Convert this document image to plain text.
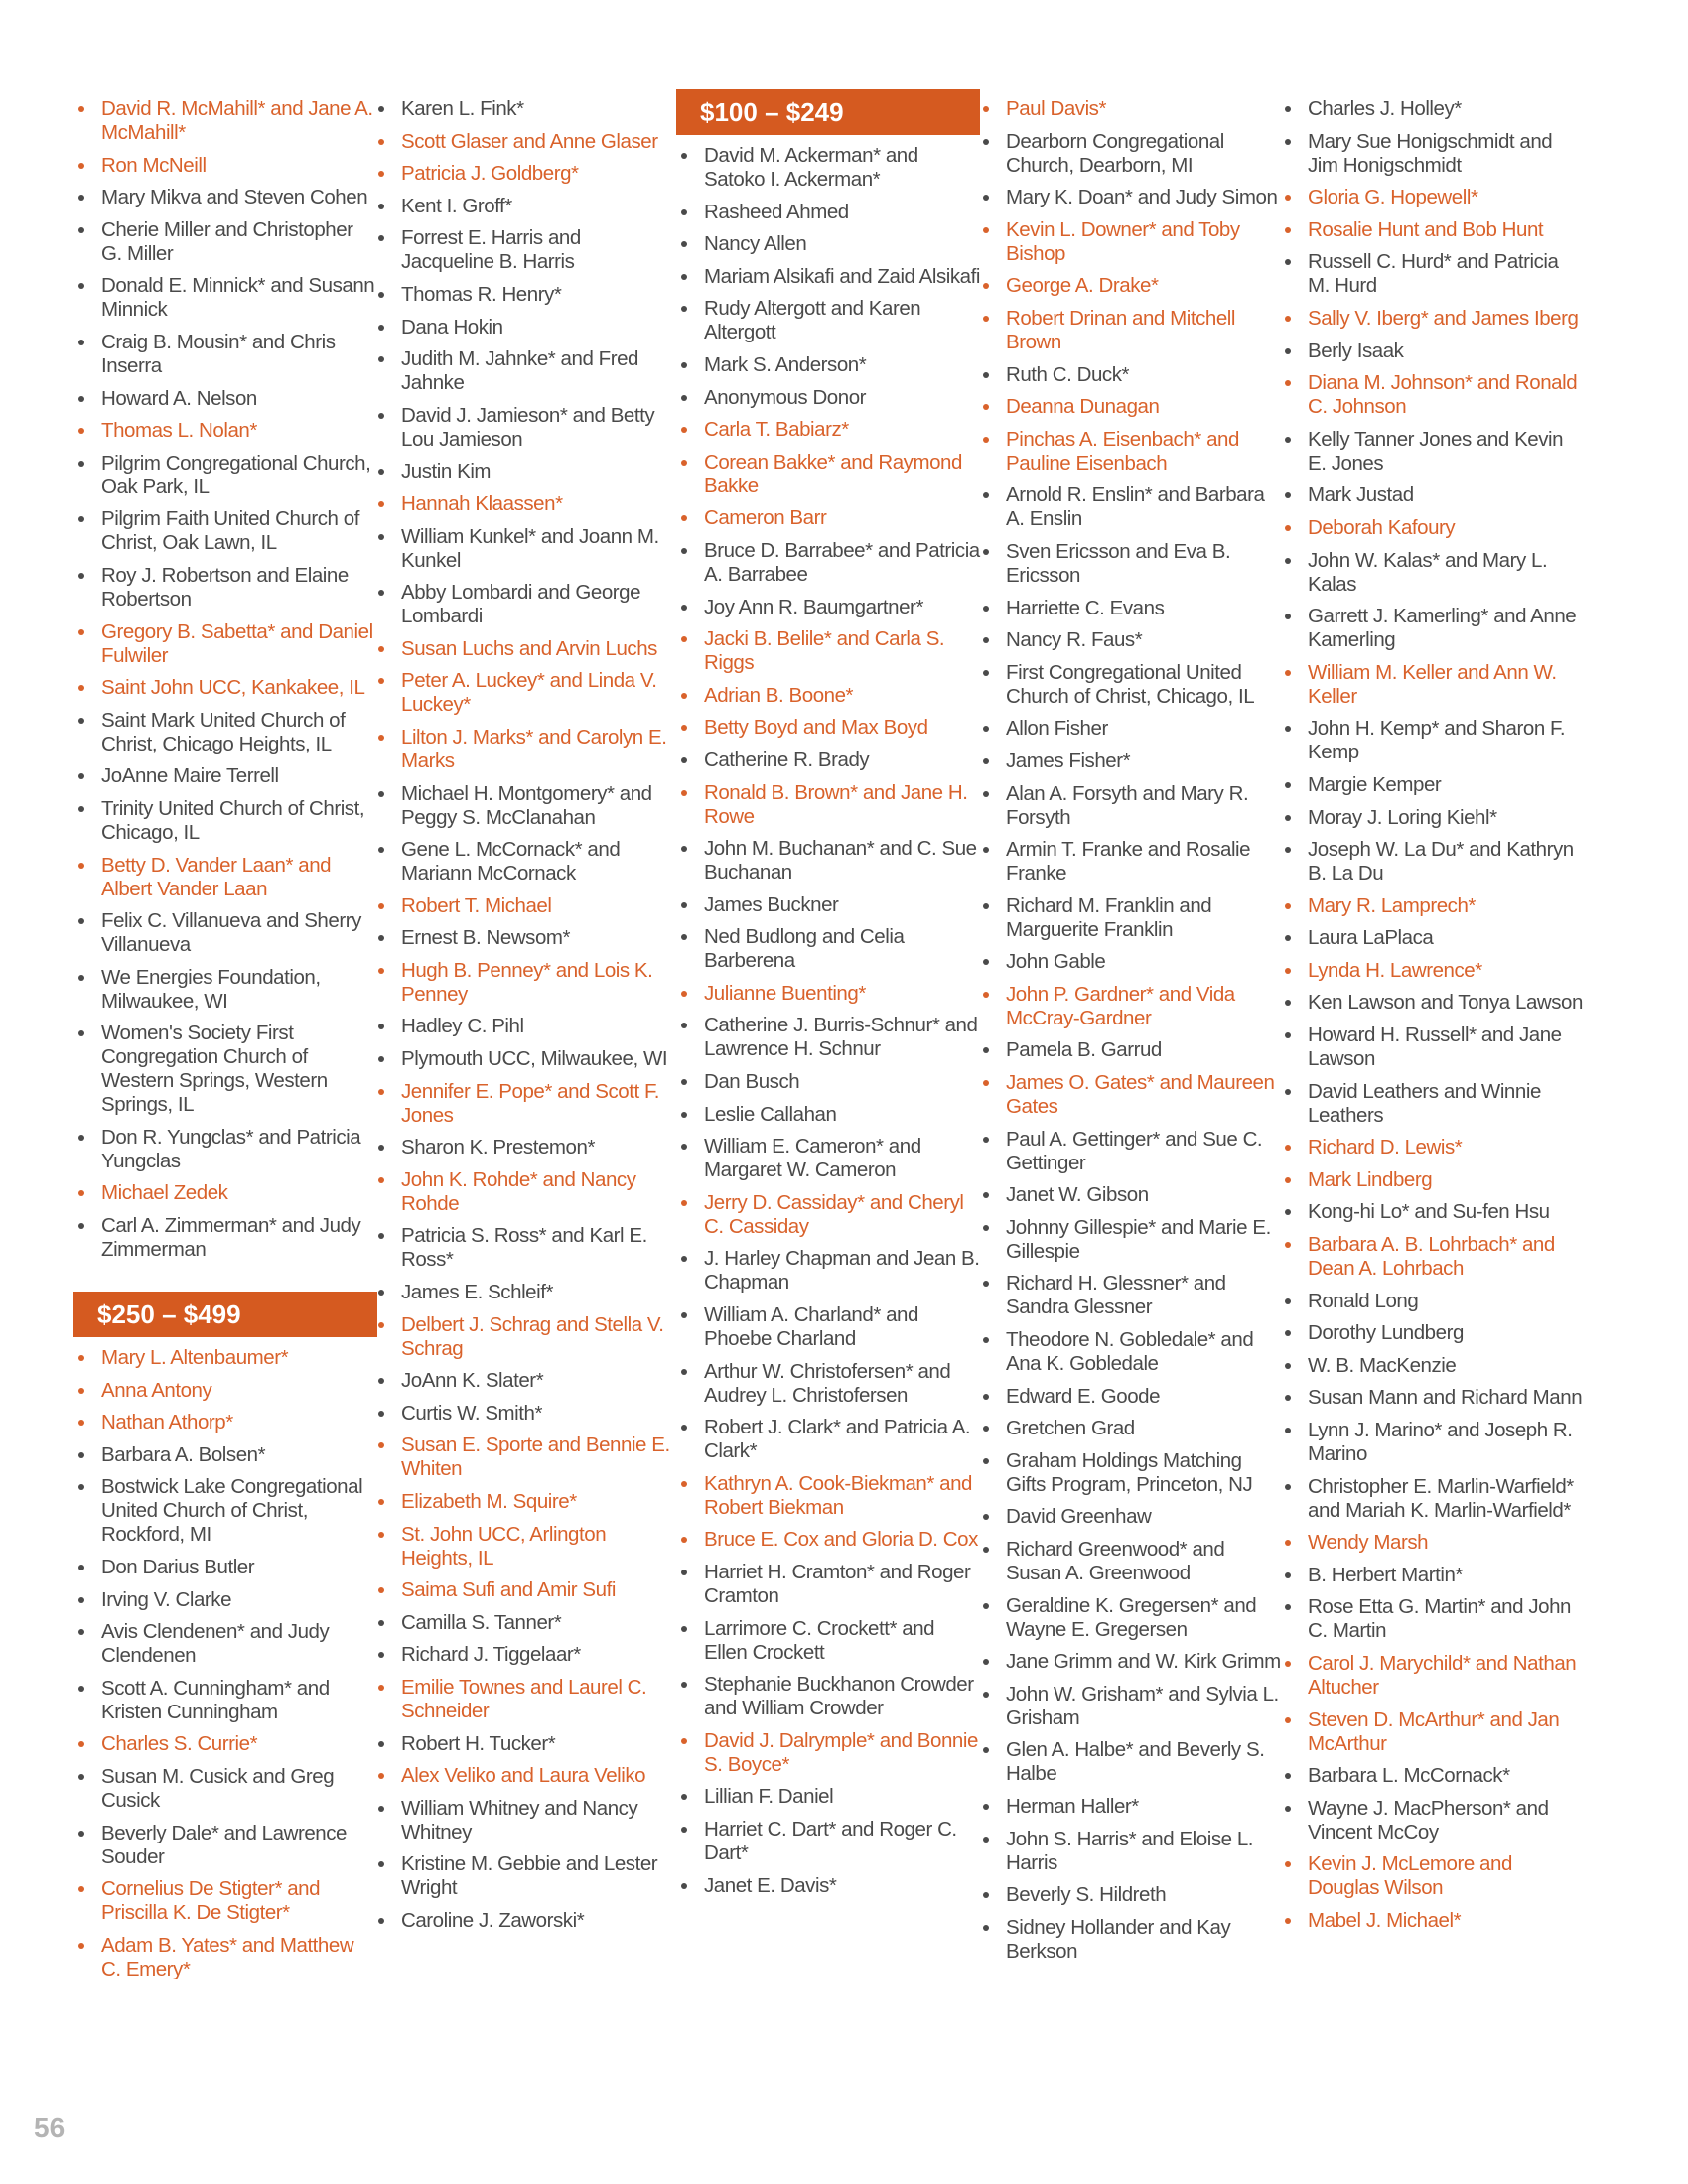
David R. McMahill* and Jane A. McMahill*
Ron McNeill
Mary Mikva and Steven Cohen
Cherie Miller and Christopher G. Miller
Donald E. Minnick* and Susann Minnick
Craig B. Mousin* and Chris Inserra
Howard A. Nelson
Thomas L. Nolan*
Pilgrim Congregational Church, Oak Park, IL
Pilgrim Faith United Church of Christ, Oak Lawn, IL
Roy J. Robertson and Elaine Robertson
Gregory B. Sabetta* and Daniel Fulwiler
Saint John UCC, Kankakee, IL
Saint Mark United Church of Christ, Chicago Heights, IL
JoAnne Maire Terrell
Trinity United Church of Christ, Chicago, IL
Betty D. Vander Laan* and Albert Vander Laan
Felix C. Villanueva and Sherry Villanueva
We Energies Foundation, Milwaukee, WI
Women's Society First Congregation Church of Western Springs, Western Springs, IL
Don R. Yungclas* and Patricia Yungclas
Michael Zedek
Carl A. Zimmerman* and Judy Zimmerman
$250 – $499
Mary L. Altenbaumer*
Anna Antony
Nathan Athorp*
Barbara A. Bolsen*
Bostwick Lake Congregational United Church of Christ, Rockford, MI
Don Darius Butler
Irving V. Clarke
Avis Clendenen* and Judy Clendenen
Scott A. Cunningham* and Kristen Cunningham
Charles S. Currie*
Susan M. Cusick and Greg Cusick
Beverly Dale* and Lawrence Souder
Cornelius De Stigter* and Priscilla K. De Stigter*
Adam B. Yates* and Matthew C. Emery*
Karen L. Fink*
Scott Glaser and Anne Glaser
Patricia J. Goldberg*
Kent I. Groff*
Forrest E. Harris and Jacqueline B. Harris
Thomas R. Henry*
Dana Hokin
Judith M. Jahnke* and Fred Jahnke
David J. Jamieson* and Betty Lou Jamieson
Justin Kim
Hannah Klaassen*
William Kunkel* and Joann M. Kunkel
Abby Lombardi and George Lombardi
Susan Luchs and Arvin Luchs
Peter A. Luckey* and Linda V. Luckey*
Lilton J. Marks* and Carolyn E. Marks
Michael H. Montgomery* and Peggy S. McClanahan
Gene L. McCornack* and Mariann McCornack
Robert T. Michael
Ernest B. Newsom*
Hugh B. Penney* and Lois K. Penney
Hadley C. Pihl
Plymouth UCC, Milwaukee, WI
Jennifer E. Pope* and Scott F. Jones
Sharon K. Prestemon*
John K. Rohde* and Nancy Rohde
Patricia S. Ross* and Karl E. Ross*
James E. Schleif*
Delbert J. Schrag and Stella V. Schrag
JoAnn K. Slater*
Curtis W. Smith*
Susan E. Sporte and Bennie E. Whiten
Elizabeth M. Squire*
St. John UCC, Arlington Heights, IL
Saima Sufi and Amir Sufi
Camilla S. Tanner*
Richard J. Tiggelaar*
Emilie Townes and Laurel C. Schneider
Robert H. Tucker*
Alex Veliko and Laura Veliko
William Whitney and Nancy Whitney
Kristine M. Gebbie and Lester Wright
Caroline J. Zaworski*
$100 – $249
David M. Ackerman* and Satoko I. Ackerman*
Rasheed Ahmed
Nancy Allen
Mariam Alsikafi and Zaid Alsikafi
Rudy Altergott and Karen Altergott
Mark S. Anderson*
Anonymous Donor
Carla T. Babiarz*
Corean Bakke* and Raymond Bakke
Cameron Barr
Bruce D. Barrabee* and Patricia A. Barrabee
Joy Ann R. Baumgartner*
Jacki B. Belile* and Carla S. Riggs
Adrian B. Boone*
Betty Boyd and Max Boyd
Catherine R. Brady
Ronald B. Brown* and Jane H. Rowe
John M. Buchanan* and C. Sue Buchanan
James Buckner
Ned Budlong and Celia Barberena
Julianne Buenting*
Catherine J. Burris-Schnur* and Lawrence H. Schnur
Dan Busch
Leslie Callahan
William E. Cameron* and Margaret W. Cameron
Jerry D. Cassiday* and Cheryl C. Cassiday
J. Harley Chapman and Jean B. Chapman
William A. Charland* and Phoebe Charland
Arthur W. Christofersen* and Audrey L. Christofersen
Robert J. Clark* and Patricia A. Clark*
Kathryn A. Cook-Biekman* and Robert Biekman
Bruce E. Cox and Gloria D. Cox
Harriet H. Cramton* and Roger Cramton
Larrimore C. Crockett* and Ellen Crockett
Stephanie Buckhanon Crowder and William Crowder
David J. Dalrymple* and Bonnie S. Boyce*
Lillian F. Daniel
Harriet C. Dart* and Roger C. Dart*
Janet E. Davis*
Paul Davis*
Dearborn Congregational Church, Dearborn, MI
Mary K. Doan* and Judy Simon
Kevin L. Downer* and Toby Bishop
George A. Drake*
Robert Drinan and Mitchell Brown
Ruth C. Duck*
Deanna Dunagan
Pinchas A. Eisenbach* and Pauline Eisenbach
Arnold R. Enslin* and Barbara A. Enslin
Sven Ericsson and Eva B. Ericsson
Harriette C. Evans
Nancy R. Faus*
First Congregational United Church of Christ, Chicago, IL
Allon Fisher
James Fisher*
Alan A. Forsyth and Mary R. Forsyth
Armin T. Franke and Rosalie Franke
Richard M. Franklin and Marguerite Franklin
John Gable
John P. Gardner* and Vida McCray-Gardner
Pamela B. Garrud
James O. Gates* and Maureen Gates
Paul A. Gettinger* and Sue C. Gettinger
Janet W. Gibson
Johnny Gillespie* and Marie E. Gillespie
Richard H. Glessner* and Sandra Glessner
Theodore N. Gobledale* and Ana K. Gobledale
Edward E. Goode
Gretchen Grad
Graham Holdings Matching Gifts Program, Princeton, NJ
David Greenhaw
Richard Greenwood* and Susan A. Greenwood
Geraldine K. Gregersen* and Wayne E. Gregersen
Jane Grimm and W. Kirk Grimm
John W. Grisham* and Sylvia L. Grisham
Glen A. Halbe* and Beverly S. Halbe
Herman Haller*
John S. Harris* and Eloise L. Harris
Beverly S. Hildreth
Sidney Hollander and Kay Berkson
Charles J. Holley*
Mary Sue Honigschmidt and Jim Honigschmidt
Gloria G. Hopewell*
Rosalie Hunt and Bob Hunt
Russell C. Hurd* and Patricia M. Hurd
Sally V. Iberg* and James Iberg
Berly Isaak
Diana M. Johnson* and Ronald C. Johnson
Kelly Tanner Jones and Kevin E. Jones
Mark Justad
Deborah Kafoury
John W. Kalas* and Mary L. Kalas
Garrett J. Kamerling* and Anne Kamerling
William M. Keller and Ann W. Keller
John H. Kemp* and Sharon F. Kemp
Margie Kemper
Moray J. Loring Kiehl*
Joseph W. La Du* and Kathryn B. La Du
Mary R. Lamprech*
Laura LaPlaca
Lynda H. Lawrence*
Ken Lawson and Tonya Lawson
Howard H. Russell* and Jane Lawson
David Leathers and Winnie Leathers
Richard D. Lewis*
Mark Lindberg
Kong-hi Lo* and Su-fen Hsu
Barbara A. B. Lohrbach* and Dean A. Lohrbach
Ronald Long
Dorothy Lundberg
W. B. MacKenzie
Susan Mann and Richard Mann
Lynn J. Marino* and Joseph R. Marino
Christopher E. Marlin-Warfield* and Mariah K. Marlin-Warfield*
Wendy Marsh
B. Herbert Martin*
Rose Etta G. Martin* and John C. Martin
Carol J. Marychild* and Nathan Altucher
Steven D. McArthur* and Jan McArthur
Barbara L. McCornack*
Wayne J. MacPherson* and Vincent McCoy
Kevin J. McLemore and Douglas Wilson
Mabel J. Michael*
56
